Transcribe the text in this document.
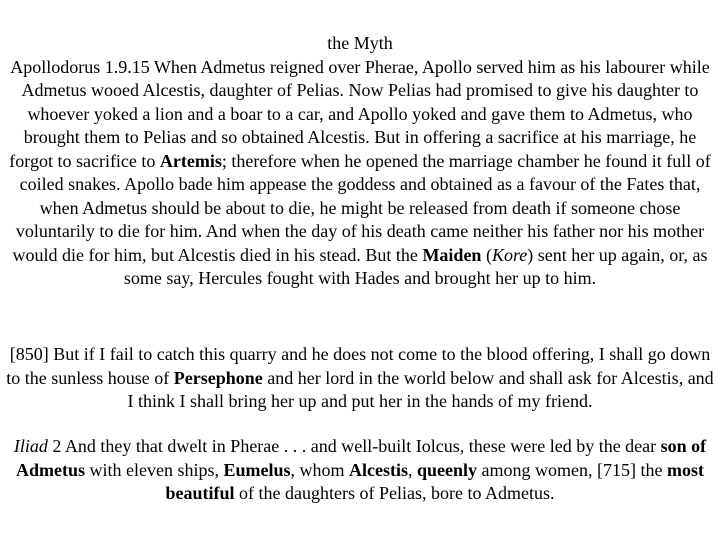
the Myth
Apollodorus 1.9.15 When Admetus reigned over Pherae, Apollo served him as his labourer while Admetus wooed Alcestis, daughter of Pelias. Now Pelias had promised to give his daughter to whoever yoked a lion and a boar to a car, and Apollo yoked and gave them to Admetus, who brought them to Pelias and so obtained Alcestis. But in offering a sacrifice at his marriage, he forgot to sacrifice to Artemis; therefore when he opened the marriage chamber he found it full of coiled snakes. Apollo bade him appease the goddess and obtained as a favour of the Fates that, when Admetus should be about to die, he might be released from death if someone chose voluntarily to die for him. And when the day of his death came neither his father nor his mother would die for him, but Alcestis died in his stead. But the Maiden (Kore) sent her up again, or, as some say, Hercules fought with Hades and brought her up to him.

[850] But if I fail to catch this quarry and he does not come to the blood offering, I shall go down to the sunless house of Persephone and her lord in the world below and shall ask for Alcestis, and I think I shall bring her up and put her in the hands of my friend.

Iliad 2 And they that dwelt in Pherae . . . and well-built Iolcus, these were led by the dear son of Admetus with eleven ships, Eumelus, whom Alcestis, queenly among women, [715] the most beautiful of the daughters of Pelias, bore to Admetus.
